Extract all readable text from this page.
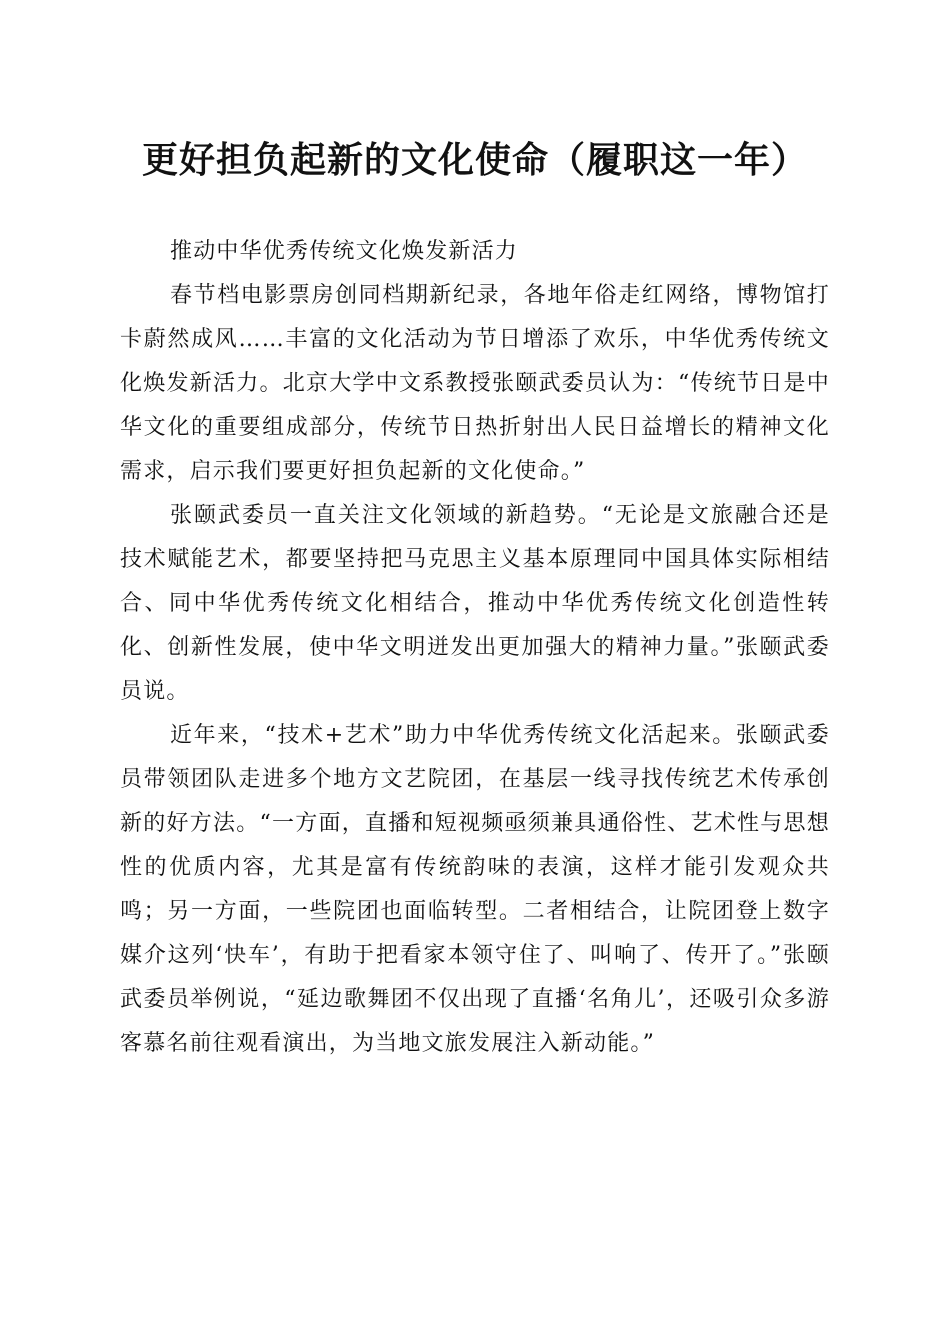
更好担负起新的文化使命（履职这一年）

推动中华优秀传统文化焕发新活力

春节档电影票房创同档期新纪录，各地年俗走红网络，博物馆打卡蔚然成风……丰富的文化活动为节日增添了欢乐，中华优秀传统文化焕发新活力。北京大学中文系教授张颐武委员认为：“传统节日是中华文化的重要组成部分，传统节日热折射出人民日益增长的精神文化需求，启示我们要更好担负起新的文化使命。”

张颐武委员一直关注文化领域的新趋势。“无论是文旅融合还是技术赋能艺术，都要坚持把马克思主义基本原理同中国具体实际相结合、同中华优秀传统文化相结合，推动中华优秀传统文化创造性转化、创新性发展，使中华文明迸发出更加强大的精神力量。”张颐武委员说。

近年来，“技术+艺术”助力中华优秀传统文化活起来。张颐武委员带领团队走进多个地方文艺院团，在基层一线寻找传统艺术传承创新的好方法。“一方面，直播和短视频亟须兼具通俗性、艺术性与思想性的优质内容，尤其是富有传统韵味的表演，这样才能引发观众共鸣；另一方面，一些院团也面临转型。二者相结合，让院团登上数字媒介这列‘快车’，有助于把看家本领守住了、叫响了、传开了。”张颐武委员举例说，“延边歌舞团不仅出现了直播‘名角儿’，还吸引众多游客慕名前往观看演出，为当地文旅发展注入新动能。”
